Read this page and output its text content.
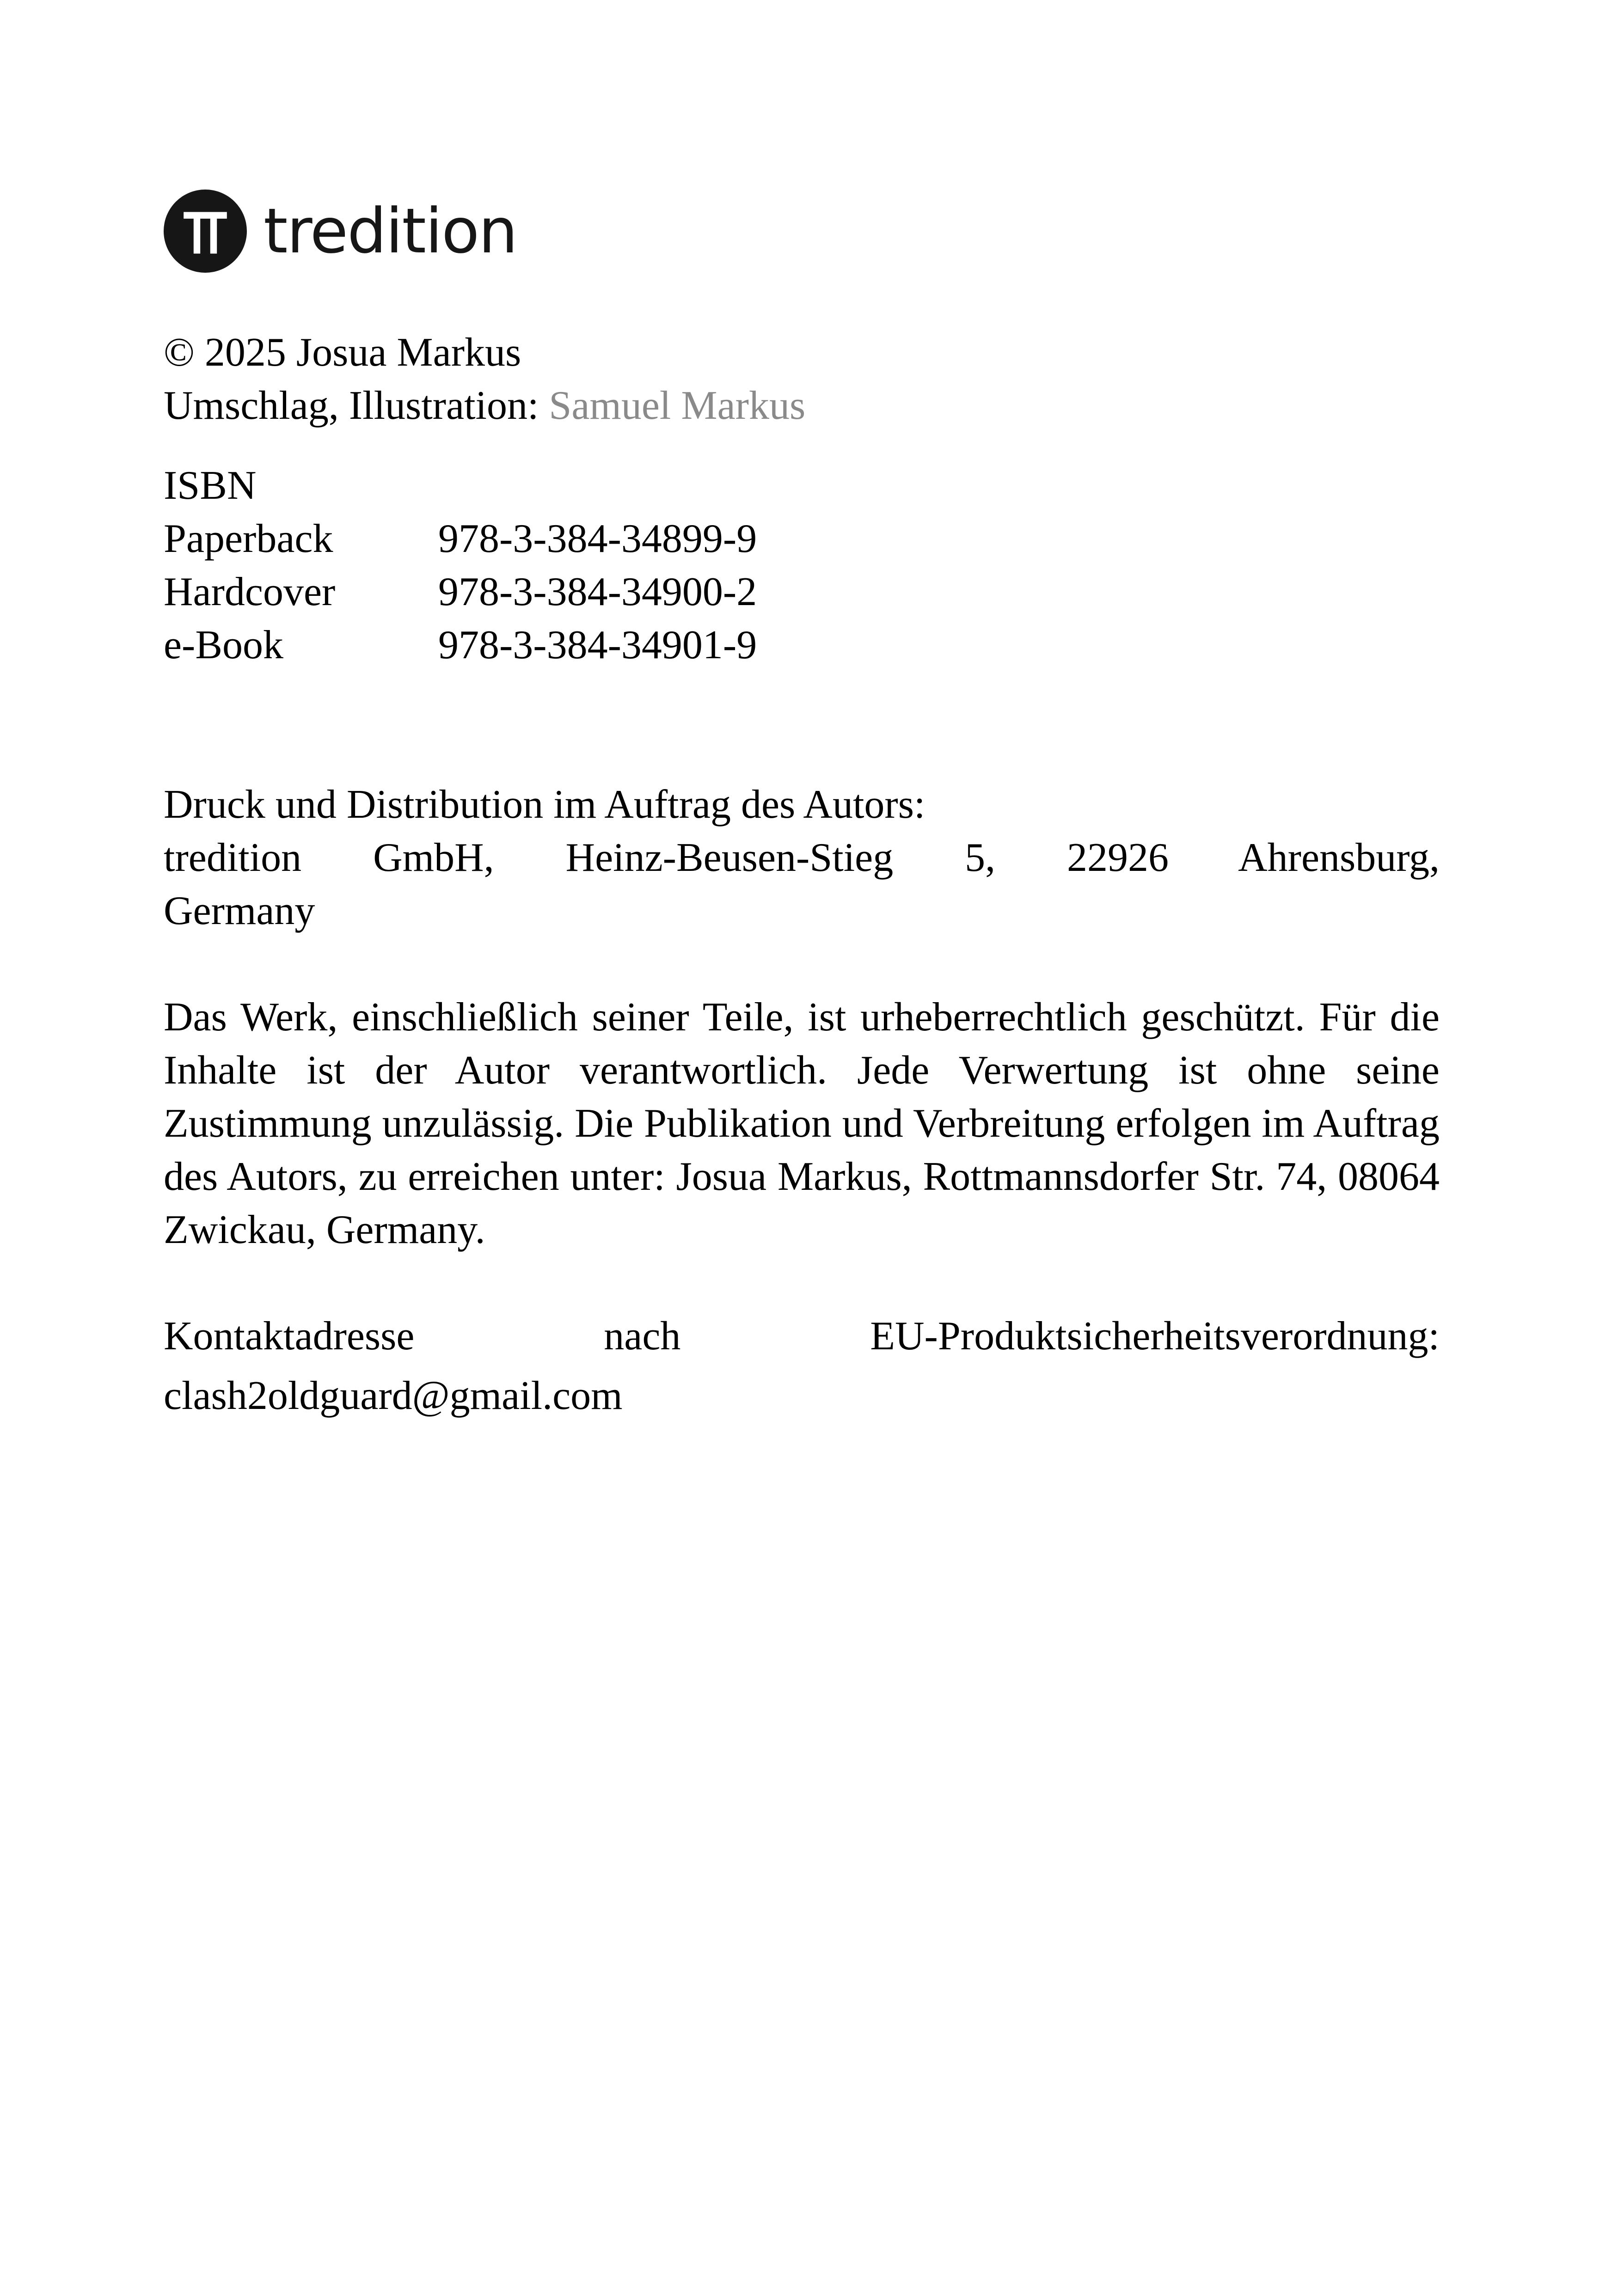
tredition
© 2025 Josua Markus
Umschlag, Illustration: Samuel Markus
ISBN
Paperback	978-3-384-34899-9
Hardcover	978-3-384-34900-2
e-Book	978-3-384-34901-9
Druck und Distribution im Auftrag des Autors:
tredition GmbH, Heinz-Beusen-Stieg 5, 22926 Ahrensburg,
Germany
Das Werk, einschließlich seiner Teile, ist urheberrechtlich geschützt. Für die Inhalte ist der Autor verantwortlich. Jede Verwertung ist ohne seine Zustimmung unzulässig. Die Publikation und Verbreitung erfolgen im Auftrag des Autors, zu erreichen unter: Josua Markus, Rottmannsdorfer Str. 74, 08064 Zwickau, Germany.
Kontaktadresse nach EU-Produktsicherheitsverordnung:
clash2oldguard@gmail.com
